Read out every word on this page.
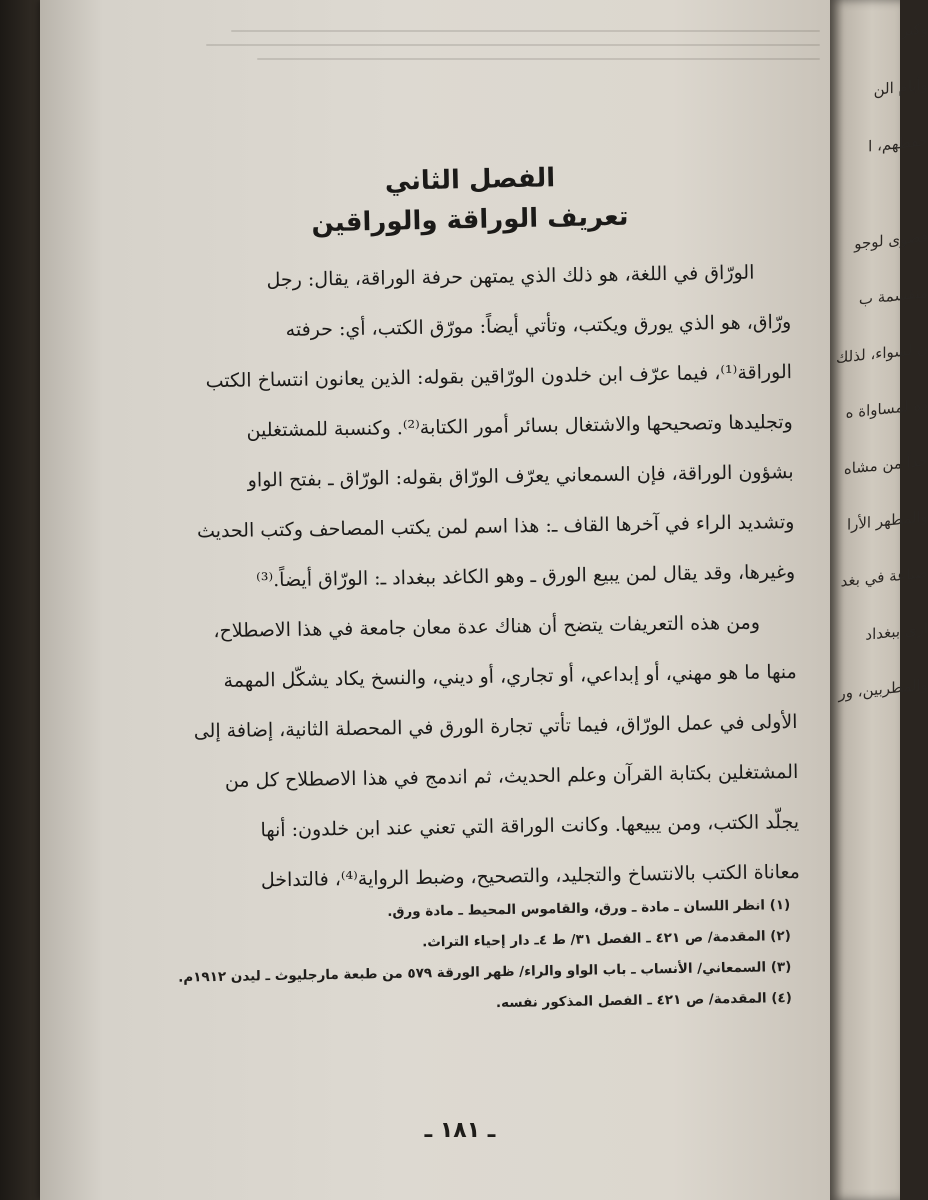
وكتر
وأيام الن
حفظهم، ا
قصوى لوجو
منقسمة ب
ن لسواء، لذلك
ده لمساواة ه
حداً من مشاه
والمطهر الأرا
صناعة في بغد
أرى ببغداد
والمطربين، ور
الفصل الثاني
تعريف الوراقة والوراقين
الورّاق في اللغة، هو ذلك الذي يمتهن حرفة الوراقة، يقال: رجل
ورّاق، هو الذي يورق ويكتب، وتأتي أيضاً: مورّق الكتب، أي: حرفته
الوراقة⁽¹⁾، فيما عرّف ابن خلدون الورّاقين بقوله: الذين يعانون انتساخ الكتب
وتجليدها وتصحيحها والاشتغال بسائر أمور الكتابة⁽²⁾. وكنسبة للمشتغلين
بشؤون الوراقة، فإن السمعاني يعرّف الورّاق بقوله: الورّاق ـ بفتح الواو
وتشديد الراء في آخرها القاف ـ: هذا اسم لمن يكتب المصاحف وكتب الحديث
وغيرها، وقد يقال لمن يبيع الورق ـ وهو الكاغد ببغداد ـ: الورّاق أيضاً.⁽³⁾
ومن هذه التعريفات يتضح أن هناك عدة معان جامعة في هذا الاصطلاح،
منها ما هو مهني، أو إبداعي، أو تجاري، أو ديني، والنسخ يكاد يشكّل المهمة
الأولى في عمل الورّاق، فيما تأتي تجارة الورق في المحصلة الثانية، إضافة إلى
المشتغلين بكتابة القرآن وعلم الحديث، ثم اندمج في هذا الاصطلاح كل من
يجلّد الكتب، ومن يبيعها. وكانت الوراقة التي تعني عند ابن خلدون: أنها
معاناة الكتب بالانتساخ والتجليد، والتصحيح، وضبط الرواية⁽⁴⁾، فالتداخل
(١) انظر اللسان ـ مادة ـ ورق، والقاموس المحيط ـ مادة ورق.
(٢) المقدمة/ ص ٤٢١ ـ الفصل ٣١/ ط ٤ـ دار إحياء التراث.
(٣) السمعاني/ الأنساب ـ باب الواو والراء/ ظهر الورقة ٥٧٩ من طبعة مارجليوث ـ ليدن ١٩١٢م.
(٤) المقدمة/ ص ٤٢١ ـ الفصل المذكور نفسه.
ـ ١٨١ ـ
